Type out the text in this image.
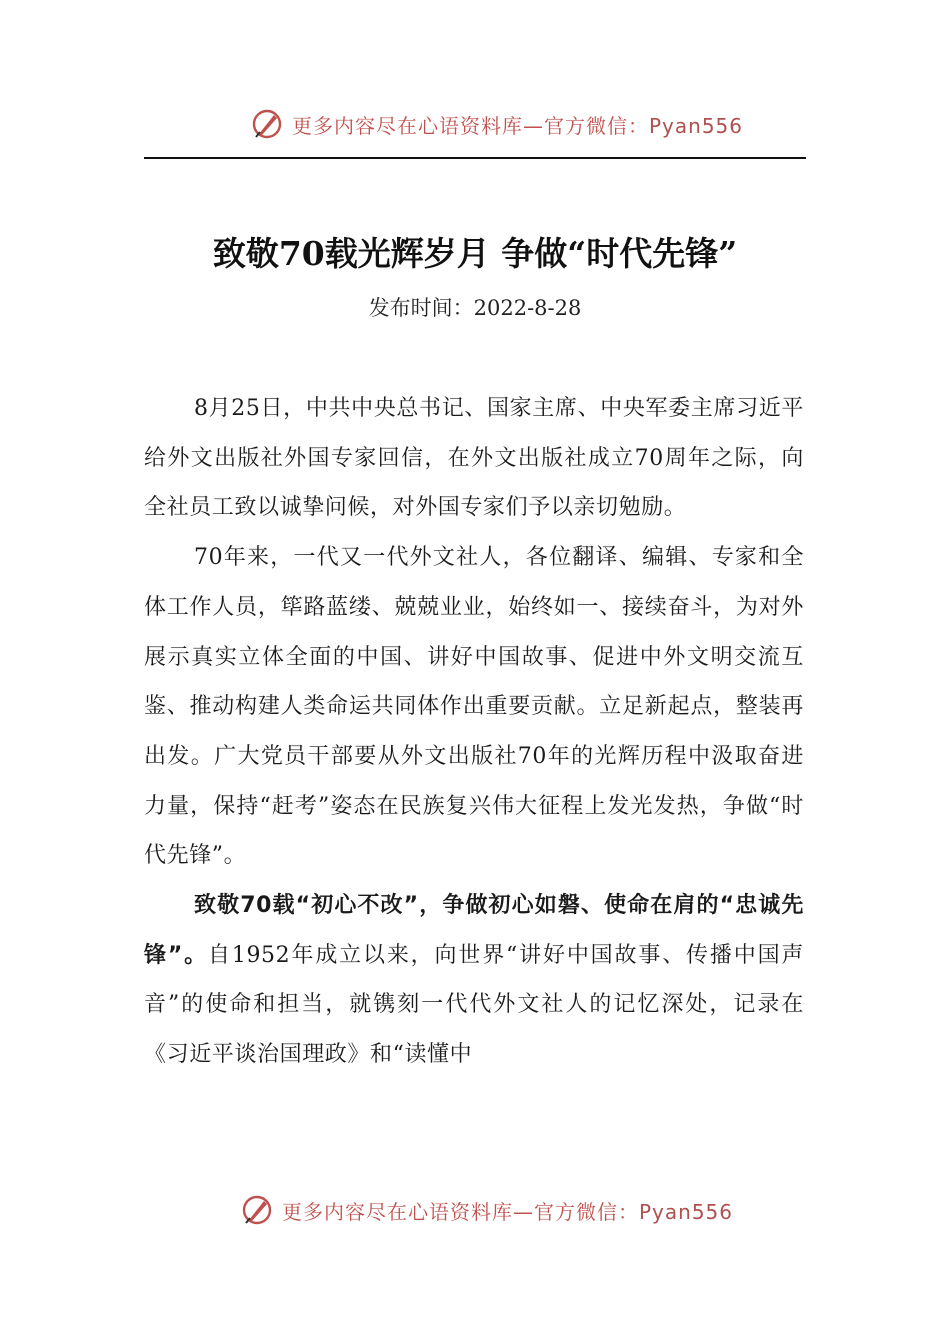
更多内容尽在心语资料库—官方微信：Pyan556
致敬70载光辉岁月 争做“时代先锋”
发布时间：2022-8-28

8月25日，中共中央总书记、国家主席、中央军委主席习近平给外文出版社外国专家回信，在外文出版社成立70周年之际，向全社员工致以诚挚问候，对外国专家们予以亲切勉励。

70年来，一代又一代外文社人，各位翻译、编辑、专家和全体工作人员，筚路蓝缕、兢兢业业，始终如一、接续奋斗，为对外展示真实立体全面的中国、讲好中国故事、促进中外文明交流互鉴、推动构建人类命运共同体作出重要贡献。立足新起点，整装再出发。广大党员干部要从外文出版社70年的光辉历程中汲取奋进力量，保持“赶考”姿态在民族复兴伟大征程上发光发热，争做“时代先锋”。

致敬70载“初心不改”，争做初心如磐、使命在肩的“忠诚先锋”。自1952年成立以来，向世界“讲好中国故事、传播中国声音”的使命和担当，就镌刻一代代外文社人的记忆深处，记录在《习近平谈治国理政》和“读懂中

更多内容尽在心语资料库—官方微信：Pyan556
